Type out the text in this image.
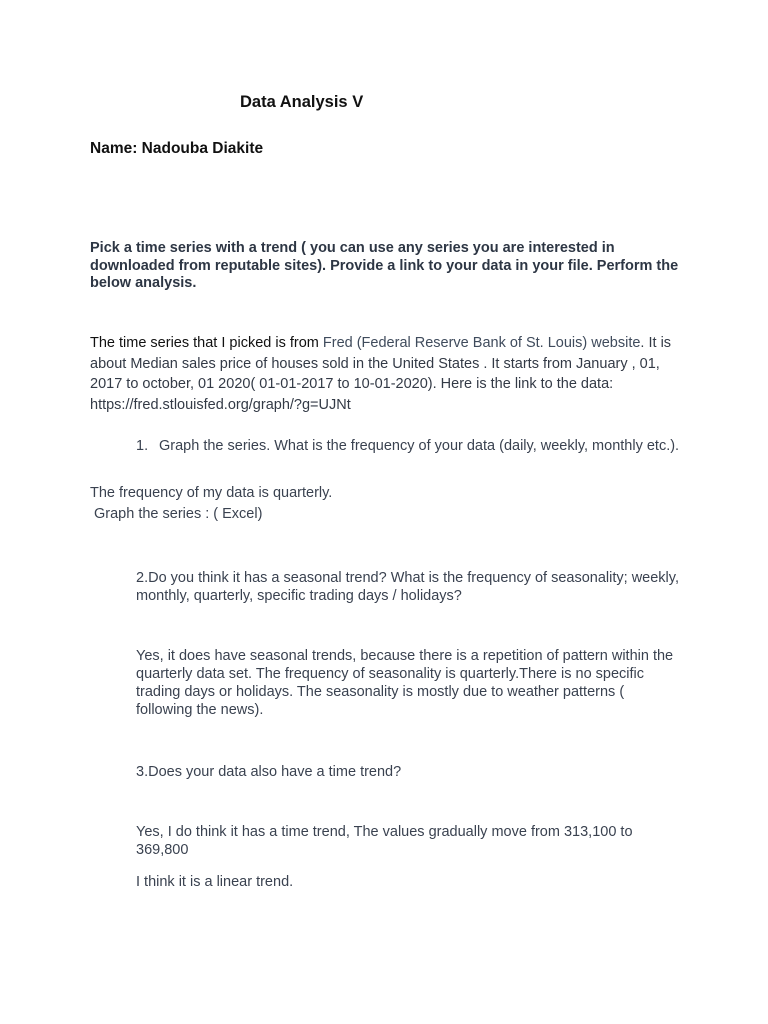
Data Analysis V
Name: Nadouba Diakite
Pick a time series with a trend ( you can use any series you are interested in downloaded from reputable sites). Provide a link to your data in your file. Perform the below analysis.
The time series that I picked is from Fred (Federal Reserve Bank of St. Louis) website. It is about Median sales price of houses sold in the United States . It starts from January , 01, 2017 to october, 01 2020( 01-01-2017 to 10-01-2020). Here is the link to the data: https://fred.stlouisfed.org/graph/?g=UJNt
1. Graph the series. What is the frequency of your data (daily, weekly, monthly etc.).
The frequency of my data is quarterly.
Graph the series : ( Excel)
2.Do you think it has a seasonal trend? What is the frequency of seasonality; weekly, monthly, quarterly, specific trading days / holidays?
Yes, it does have seasonal trends, because there is a repetition of pattern within the quarterly data set. The frequency of seasonality is quarterly.There is no specific trading days or holidays. The seasonality is mostly due to weather patterns ( following the news).
3.Does your data also have a time trend?
Yes, I do think it has a time trend, The values gradually move from 313,100 to 369,800
I think it is a linear trend.
